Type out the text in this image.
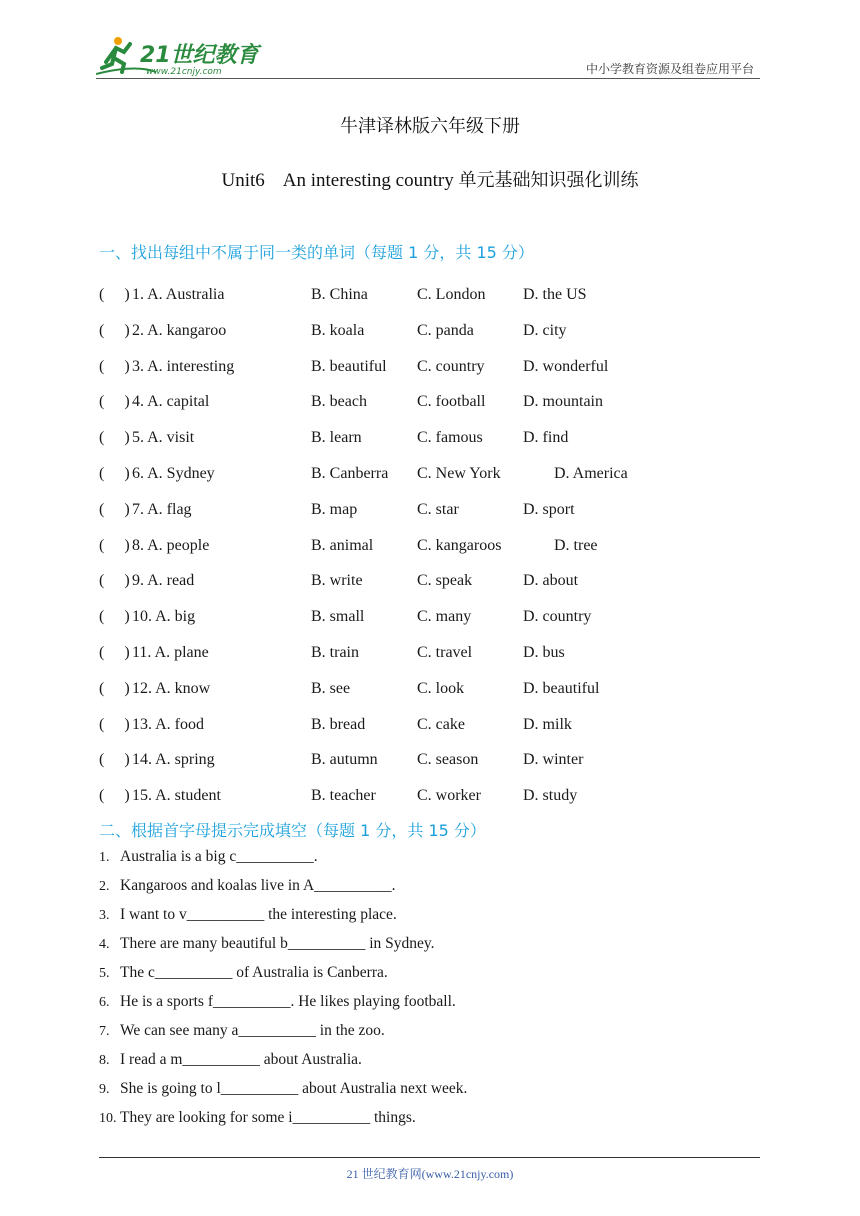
21世纪教育
www.21cnjy.com	中小学教育资源及组卷应用平台
牛津译林版六年级下册
Unit6    An interesting country 单元基础知识强化训练
一、找出每组中不属于同一类的单词（每题 1 分，共 15 分）
(     ) 1. A. Australia	B. China	C. London D. the US
(     ) 2. A. kangaroo	B. koala	C. panda	D. city
(     ) 3. A. interesting	B. beautiful C. country D. wonderful
(     ) 4. A. capital	B. beach	C. football D. mountain
(     ) 5. A. visit	B. learn	C. famous	D. find
(     ) 6. A. Sydney	B. Canberra C. New York	D. America
(     ) 7. A. flag	B. map	C. star	D. sport
(     ) 8. A. people	B. animal	C. kangaroos	D. tree
(     ) 9. A. read	B. write	C. speak	D. about
(     ) 10. A. big	B. small	C. many	D. country
(     ) 11. A. plane	B. train	C. travel	D. bus
(     ) 12. A. know	B. see	C. look	D. beautiful
(     ) 13. A. food	B. bread	C. cake	D. milk
(     ) 14. A. spring	B. autumn C. season	D. winter
(     ) 15. A. student	B. teacher	C. worker	D. study
二、根据首字母提示完成填空（每题 1 分，共 15 分）
1. Australia is a big c__________.
2. Kangaroos and koalas live in A__________.
3. I want to v__________ the interesting place.
4. There are many beautiful b__________ in Sydney.
5. The c__________ of Australia is Canberra.
6. He is a sports f__________. He likes playing football.
7. We can see many a__________ in the zoo.
8. I read a m__________ about Australia.
9. She is going to l__________ about Australia next week.
10. They are looking for some i__________ things.
21 世纪教育网(www.21cnjy.com)
